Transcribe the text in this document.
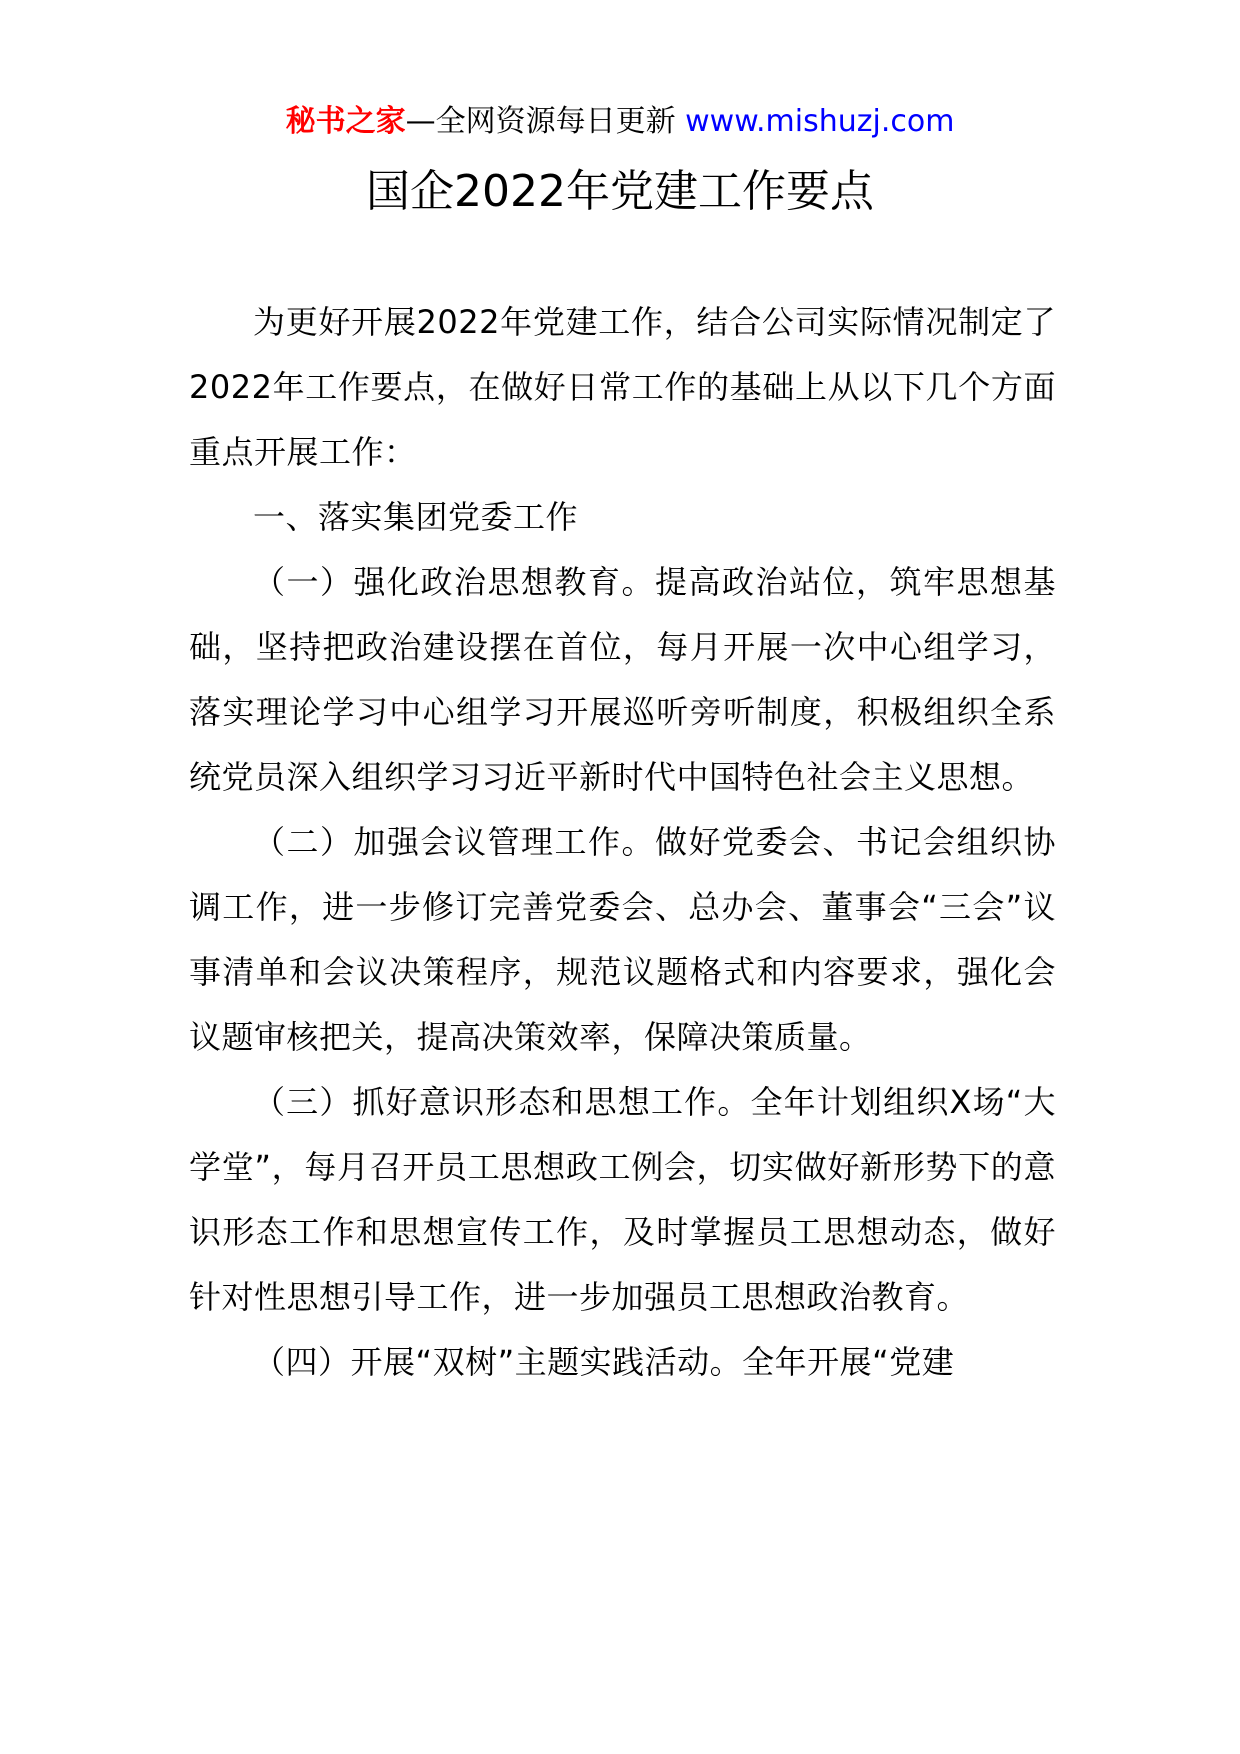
秘书之家—全网资源每日更新 www.mishuzj.com
国企2022年党建工作要点

为更好开展2022年党建工作，结合公司实际情况制定了2022年工作要点，在做好日常工作的基础上从以下几个方面重点开展工作：

一、落实集团党委工作

（一）强化政治思想教育。提高政治站位，筑牢思想基础，坚持把政治建设摆在首位，每月开展一次中心组学习，落实理论学习中心组学习开展巡听旁听制度，积极组织全系统党员深入组织学习习近平新时代中国特色社会主义思想。

（二）加强会议管理工作。做好党委会、书记会组织协调工作，进一步修订完善党委会、总办会、董事会“三会”议事清单和会议决策程序，规范议题格式和内容要求，强化会议题审核把关，提高决策效率，保障决策质量。

（三）抓好意识形态和思想工作。全年计划组织X场“大学堂”，每月召开员工思想政工例会，切实做好新形势下的意识形态工作和思想宣传工作，及时掌握员工思想动态，做好针对性思想引导工作，进一步加强员工思想政治教育。

（四）开展“双树”主题实践活动。全年开展“党建
